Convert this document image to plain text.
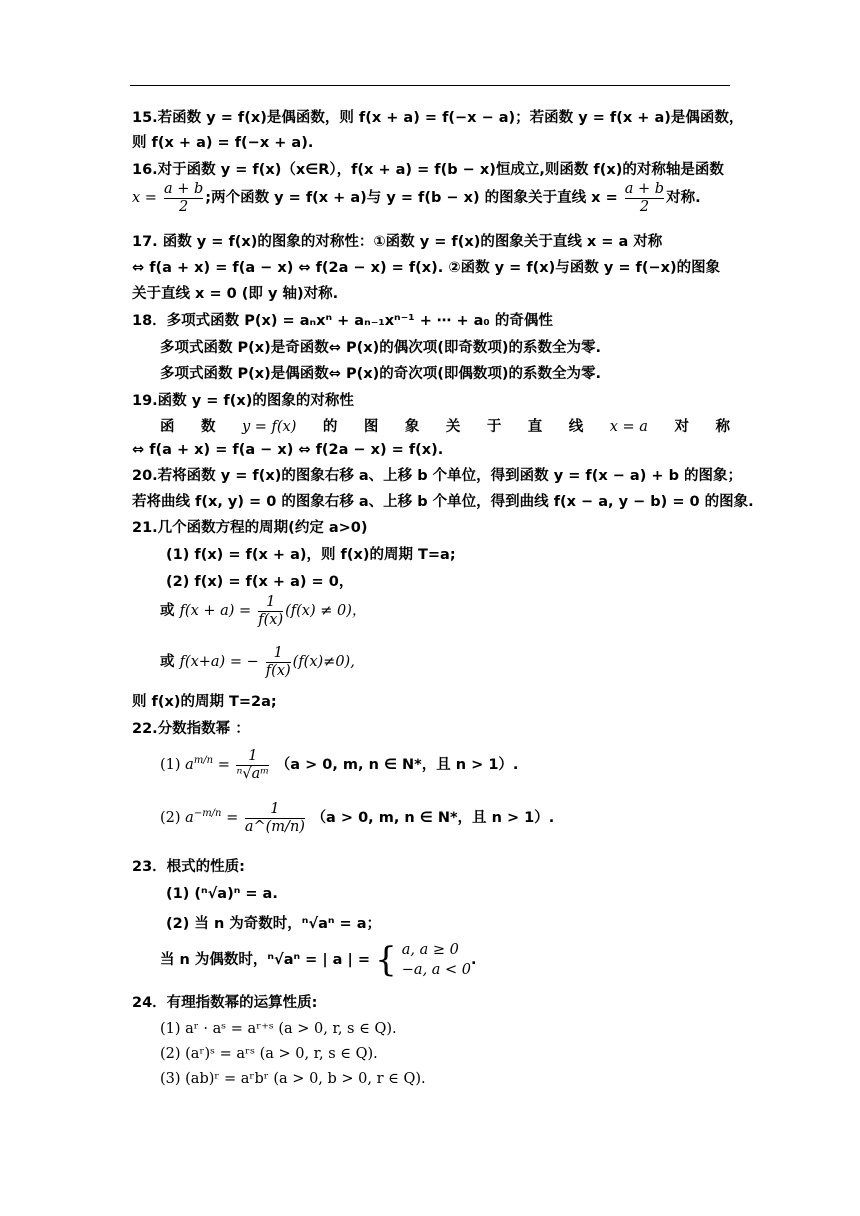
15.若函数 y = f(x)是偶函数，则 f(x + a) = f(−x − a)；若函数 y = f(x + a)是偶函数，
则 f(x + a) = f(−x + a).
16.对于函数 y = f(x)（x∈R），f(x + a) = f(b − x)恒成立,则函数 f(x)的对称轴是函数
$x = \frac{a + b}{2}$ ;两个函数 y = f(x + a)与 y = f(b − x) 的图象关于直线 $x = \frac{a + b}{2}$ 对称.
17. 函数 y = f(x)的图象的对称性：①函数 y = f(x)的图象关于直线 x = a 对称
⇔ f(a + x) = f(a − x) ⇔ f(2a − x) = f(x). ②函数 y = f(x)与函数 y = f(−x)的图象
关于直线 x = 0 (即 y 轴)对称.
18．多项式函数 P(x) = aₙxⁿ + aₙ₋₁xⁿ⁻¹ + ⋯ + a₀ 的奇偶性
多项式函数 P(x)是奇函数⇔ P(x)的偶次项(即奇数项)的系数全为零.
多项式函数 P(x)是偶函数⇔ P(x)的奇次项(即偶数项)的系数全为零.
19.函数 y = f(x)的图象的对称性
函 数 y = f(x) 的 图 象 关 于 直 线 x = a 对 称
⇔ f(a + x) = f(a − x) ⇔ f(2a − x) = f(x).
20.若将函数 y = f(x)的图象右移 a、上移 b 个单位，得到函数 y = f(x − a) + b 的图象；
若将曲线 f(x, y) = 0 的图象右移 a、上移 b 个单位，得到曲线 f(x − a, y − b) = 0 的图象.
21.几个函数方程的周期(约定 a>0)
(1) f(x) = f(x + a)，则 f(x)的周期 T=a;
(2) f(x) = f(x + a) = 0，
或 $f(x + a) = \frac{1}{f(x)} (f(x) \ne 0)$，
或 f(x+a) = − $\frac{1}{f(x)} (f(x)\ne 0)$,
则 f(x)的周期 T=2a;
22.分数指数幂 ：
(1) $a^{m/n} = \frac{1}{\text{ⁿ√aᵐ}} (a > 0$, m, n ∈ N*，且 n > 1）.
(2) $a^{-m/n} = \frac{1}{a\^{}(m/n)} (a > 0$, m, n ∈ N*，且 n > 1）.
23．根式的性质:
(1) (ⁿ√a)ⁿ = a.
(2) 当 n 为奇数时，ⁿ√aⁿ = a；
当 n 为偶数时，ⁿ√aⁿ = | a | = { a, a ≥ 0
−a, a < 0
.
24．有理指数幂的运算性质:
(1) aʳ · aˢ = aʳ⁺ˢ (a > 0, r, s ∈ Q).
(2) (aʳ)ˢ = aʳˢ (a > 0, r, s ∈ Q).
(3) (ab)ʳ = aʳbʳ (a > 0, b > 0, r ∈ Q).
